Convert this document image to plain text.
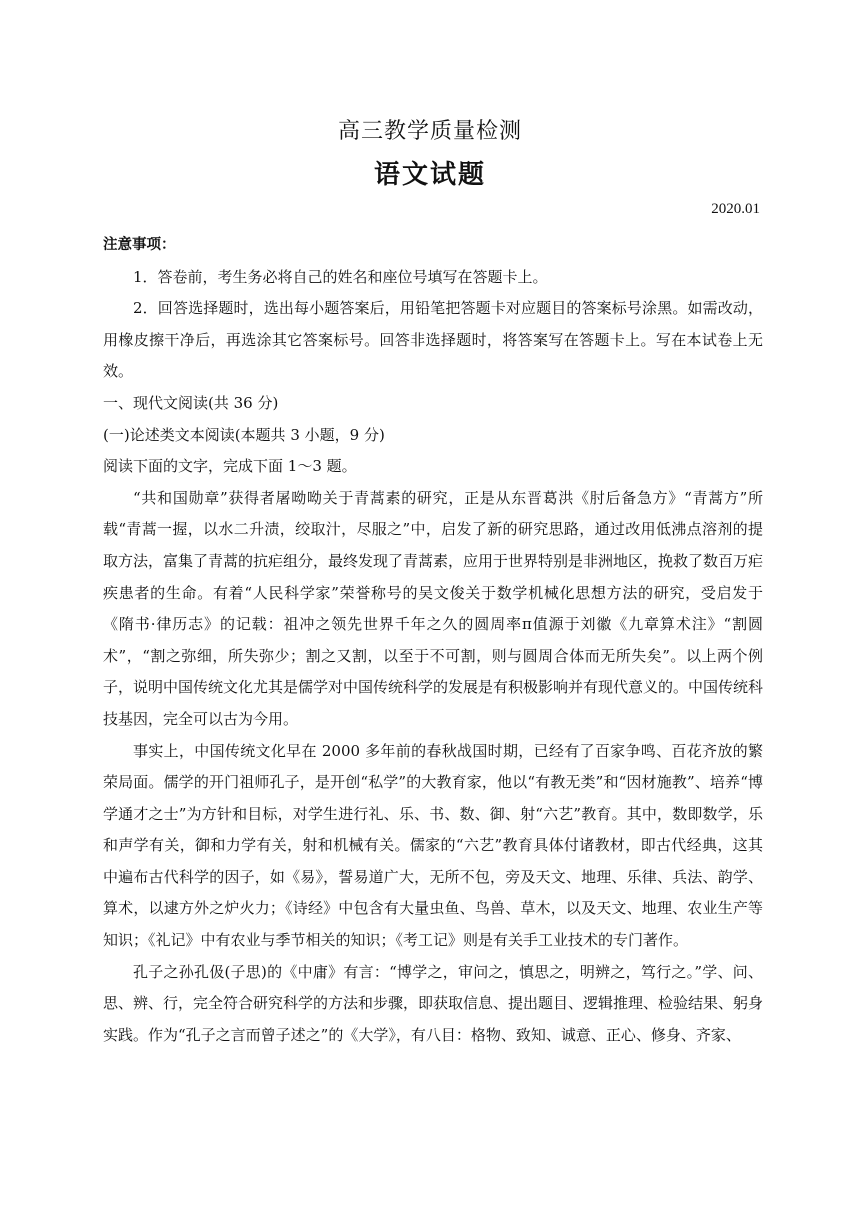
高三教学质量检测
语文试题
2020.01

注意事项：

1．答卷前，考生务必将自己的姓名和座位号填写在答题卡上。

2．回答选择题时，选出每小题答案后，用铅笔把答题卡对应题目的答案标号涂黑。如需改动，用橡皮擦干净后，再选涂其它答案标号。回答非选择题时，将答案写在答题卡上。写在本试卷上无效。

一、现代文阅读(共 36 分)

(一)论述类文本阅读(本题共 3 小题，9 分)

阅读下面的文字，完成下面 1～3 题。

“共和国勋章”获得者屠呦呦关于青蒿素的研究，正是从东晋葛洪《肘后备急方》“青蒿方”所载“青蒿一握，以水二升渍，绞取汁，尽服之”中，启发了新的研究思路，通过改用低沸点溶剂的提取方法，富集了青蒿的抗疟组分，最终发现了青蒿素，应用于世界特别是非洲地区，挽救了数百万疟疾患者的生命。有着“人民科学家”荣誉称号的吴文俊关于数学机械化思想方法的研究，受启发于《隋书·律历志》的记载：祖冲之领先世界千年之久的圆周率π值源于刘徽《九章算术注》“割圆术”，“割之弥细，所失弥少；割之又割，以至于不可割，则与圆周合体而无所失矣”。以上两个例子，说明中国传统文化尤其是儒学对中国传统科学的发展是有积极影响并有现代意义的。中国传统科技基因，完全可以古为今用。

事实上，中国传统文化早在 2000 多年前的春秋战国时期，已经有了百家争鸣、百花齐放的繁荣局面。儒学的开门祖师孔子，是开创“私学”的大教育家，他以“有教无类”和“因材施教”、培养“博学通才之士”为方针和目标，对学生进行礼、乐、书、数、御、射“六艺”教育。其中，数即数学，乐和声学有关，御和力学有关，射和机械有关。儒家的“六艺”教育具体付诸教材，即古代经典，这其中遍布古代科学的因子，如《易》，誓易道广大，无所不包，旁及天文、地理、乐律、兵法、韵学、算术，以逮方外之炉火力；《诗经》中包含有大量虫鱼、鸟兽、草木，以及天文、地理、农业生产等知识；《礼记》中有农业与季节相关的知识；《考工记》则是有关手工业技术的专门著作。

孔子之孙孔伋(子思)的《中庸》有言：“博学之，审问之，慎思之，明辨之，笃行之。”学、问、思、辨、行，完全符合研究科学的方法和步骤，即获取信息、提出题目、逻辑推理、检验结果、躬身实践。作为“孔子之言而曾子述之”的《大学》，有八目：格物、致知、诚意、正心、修身、齐家、
